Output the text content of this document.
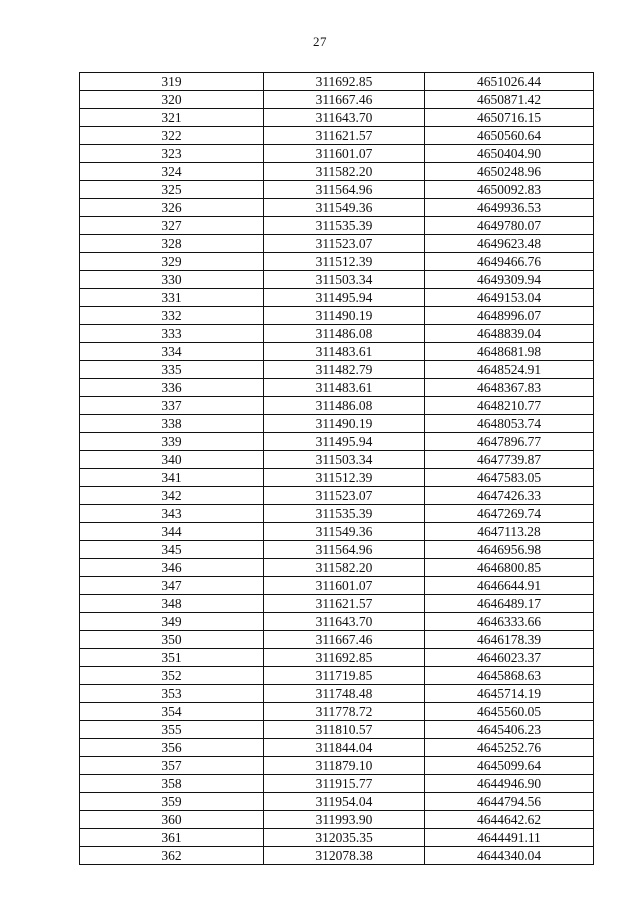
27
319	311692.85	4651026.44
320	311667.46	4650871.42
321	311643.70	4650716.15
322	311621.57	4650560.64
323	311601.07	4650404.90
324	311582.20	4650248.96
325	311564.96	4650092.83
326	311549.36	4649936.53
327	311535.39	4649780.07
328	311523.07	4649623.48
329	311512.39	4649466.76
330	311503.34	4649309.94
331	311495.94	4649153.04
332	311490.19	4648996.07
333	311486.08	4648839.04
334	311483.61	4648681.98
335	311482.79	4648524.91
336	311483.61	4648367.83
337	311486.08	4648210.77
338	311490.19	4648053.74
339	311495.94	4647896.77
340	311503.34	4647739.87
341	311512.39	4647583.05
342	311523.07	4647426.33
343	311535.39	4647269.74
344	311549.36	4647113.28
345	311564.96	4646956.98
346	311582.20	4646800.85
347	311601.07	4646644.91
348	311621.57	4646489.17
349	311643.70	4646333.66
350	311667.46	4646178.39
351	311692.85	4646023.37
352	311719.85	4645868.63
353	311748.48	4645714.19
354	311778.72	4645560.05
355	311810.57	4645406.23
356	311844.04	4645252.76
357	311879.10	4645099.64
358	311915.77	4644946.90
359	311954.04	4644794.56
360	311993.90	4644642.62
361	312035.35	4644491.11
362	312078.38	4644340.04
